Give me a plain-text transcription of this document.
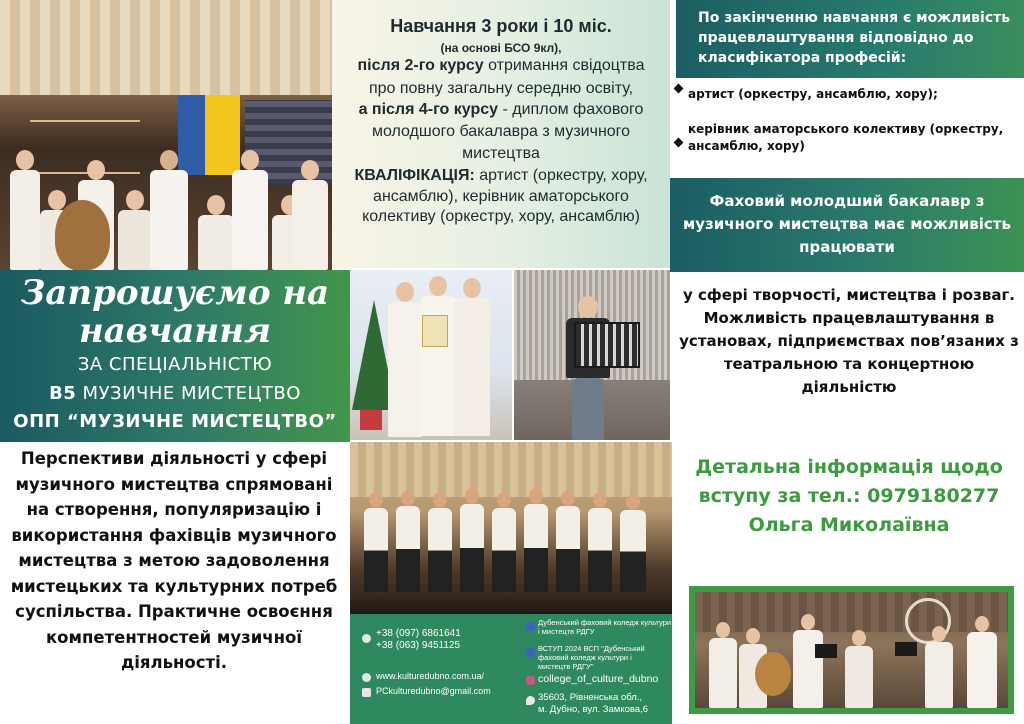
Навчання 3 роки і 10 міс.
(на основі БСО 9кл),
після 2-го курсу отримання свідоцтва
про повну загальну середню освіту,
а після 4-го курсу - диплом фахового
молодшого бакалавра з музичного
мистецтва
КВАЛІФІКАЦІЯ: артист (оркестру, хору,
ансамблю), керівник аматорського
колективу (оркестру, хору, ансамблю)
По закінченню навчання є можливість працевлаштування відповідно до класифікатора професій:
артист (оркестру, ансамблю, хору);
керівник аматорського колективу (оркестру, ансамблю, хору)
Фаховий молодший бакалавр з музичного мистецтва має можливість працювати
у сфері творчості, мистецтва і розваг. Можливість працевлаштування в установах, підприємствах пов’язаних з театральною та концертною діяльністю
Детальна інформація щодо вступу за тел.: 0979180277 Ольга Миколаївна
Запрошуємо на
навчання
ЗА СПЕЦІАЛЬНІСТЮ
B5 МУЗИЧНЕ МИСТЕЦТВО
ОПП “МУЗИЧНЕ МИСТЕЦТВО”
Перспективи діяльності у сфері музичного мистецтва спрямовані на створення, популяризацію і використання фахівців музичного мистецтва з метою задоволення мистецьких та культурних потреб суспільства. Практичне освоєння компетентностей музичної діяльності.
+38 (097) 6861641
+38 (063) 9451125
www.kulturedubno.com.ua/
PCkulturedubno@gmail.com
Дубенський фаховий коледж культури
і мистецтв РДГУ
ВСТУП 2024 ВСП "Дубенський
фаховий коледж культури і
мистецтв РДГУ"
college_of_culture_dubno
35603, Рівненська обл.,
м. Дубно, вул. Замкова,6
